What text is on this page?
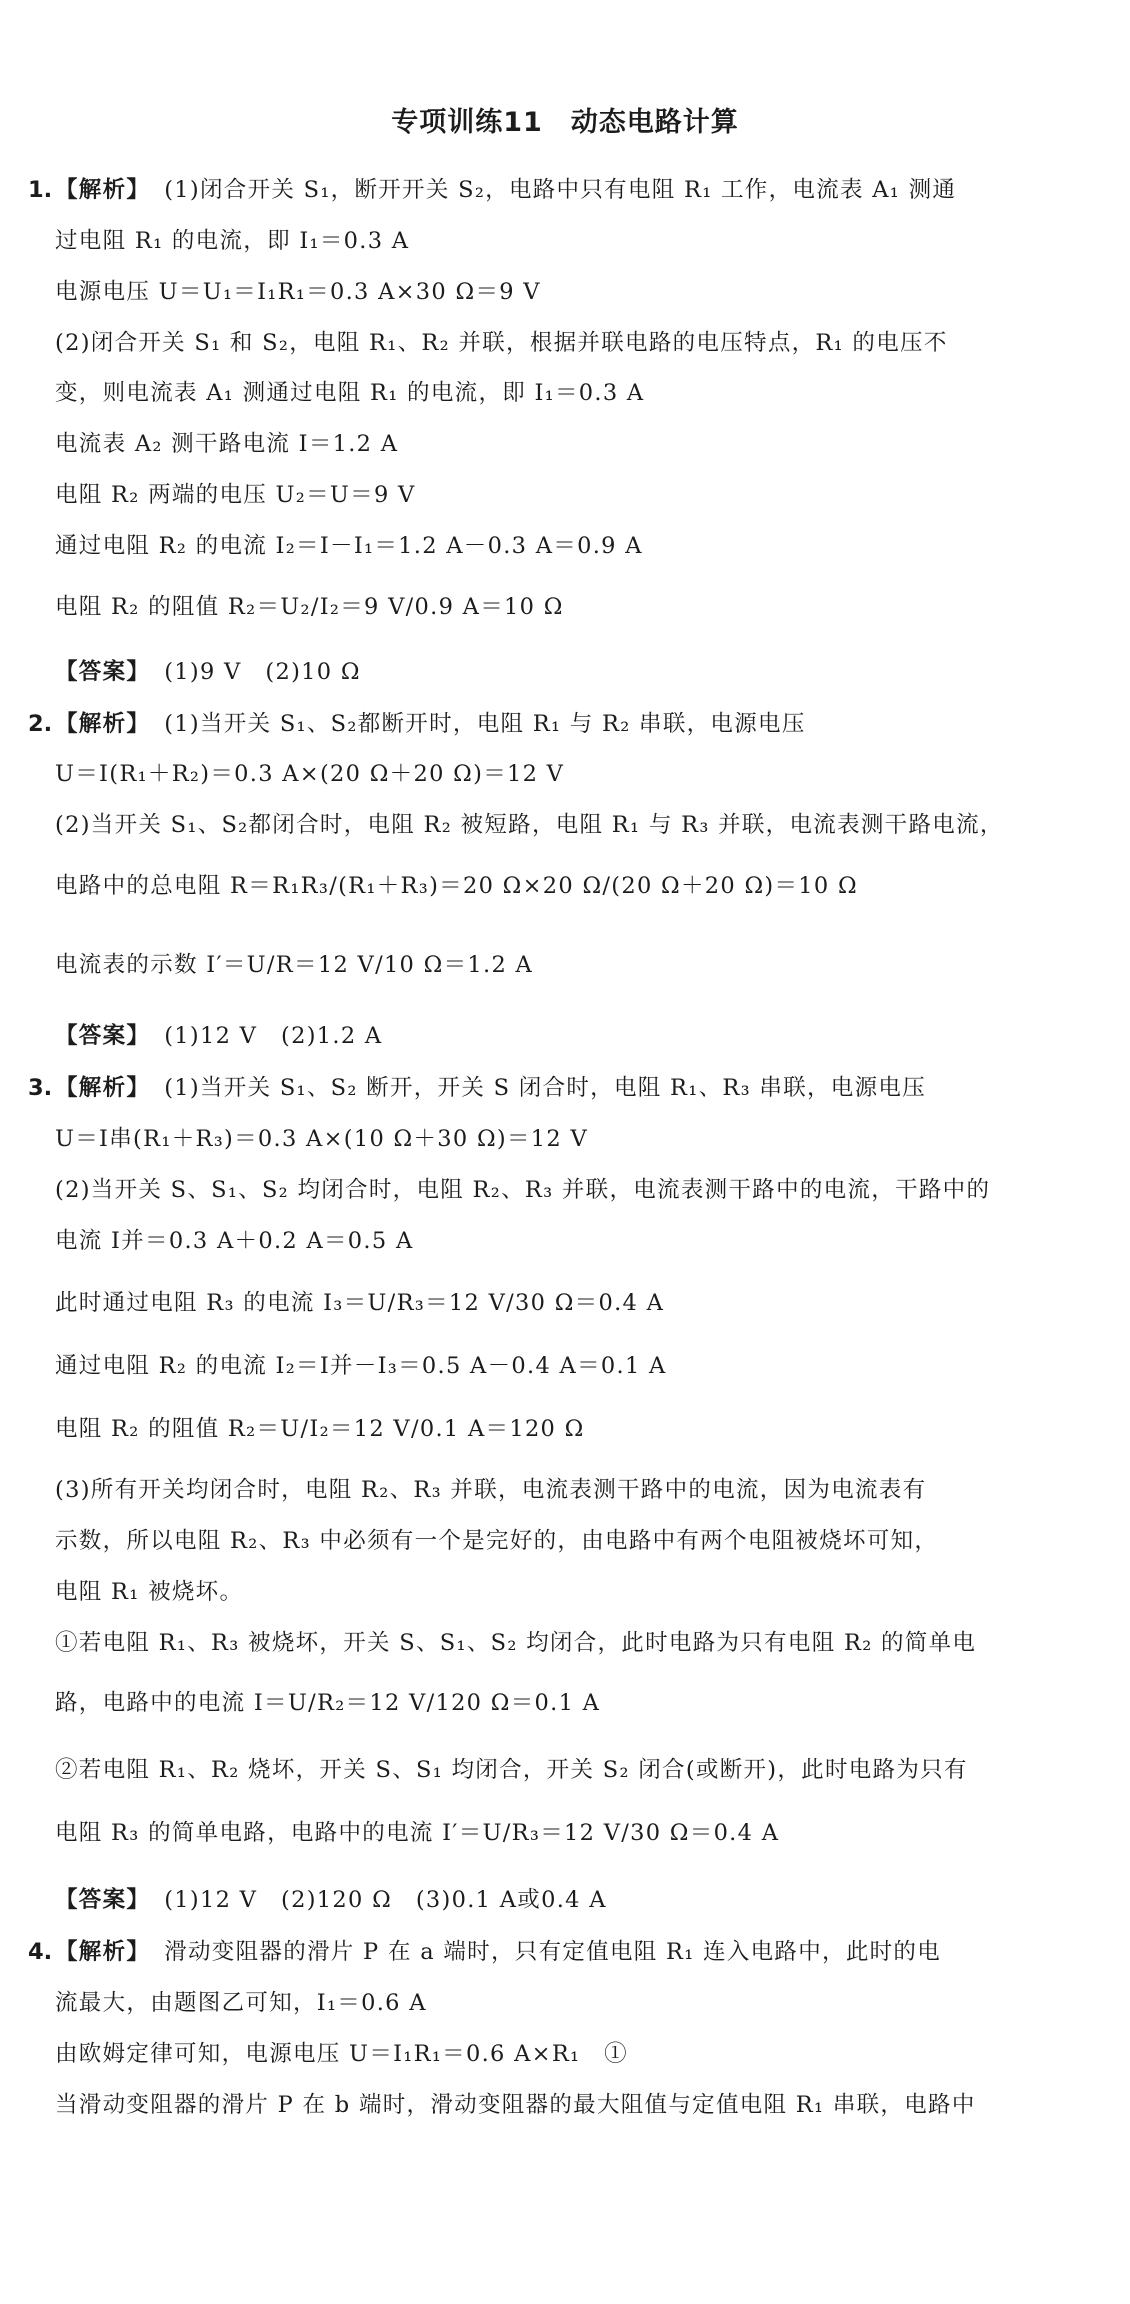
专项训练11　动态电路计算
1. 【解析】 (1)闭合开关 S₁，断开开关 S₂，电路中只有电阻 R₁ 工作，电流表 A₁ 测通
过电阻 R₁ 的电流，即 I₁＝0.3 A
电源电压 U＝U₁＝I₁R₁＝0.3 A×30 Ω＝9 V
(2)闭合开关 S₁ 和 S₂，电阻 R₁、R₂ 并联，根据并联电路的电压特点，R₁ 的电压不
变，则电流表 A₁ 测通过电阻 R₁ 的电流，即 I₁＝0.3 A
电流表 A₂ 测干路电流 I＝1.2 A
电阻 R₂ 两端的电压 U₂＝U＝9 V
通过电阻 R₂ 的电流 I₂＝I－I₁＝1.2 A－0.3 A＝0.9 A
电阻 R₂ 的阻值 R₂＝U₂/I₂＝9 V/0.9 A＝10 Ω
【答案】 (1)9 V　(2)10 Ω
2. 【解析】 (1)当开关 S₁、S₂都断开时，电阻 R₁ 与 R₂ 串联，电源电压
U＝I(R₁＋R₂)＝0.3 A×(20 Ω＋20 Ω)＝12 V
(2)当开关 S₁、S₂都闭合时，电阻 R₂ 被短路，电阻 R₁ 与 R₃ 并联，电流表测干路电流，
电路中的总电阻 R＝R₁R₃/(R₁＋R₃)＝20 Ω×20 Ω/(20 Ω＋20 Ω)＝10 Ω
电流表的示数 I′＝U/R＝12 V/10 Ω＝1.2 A
【答案】 (1)12 V　(2)1.2 A
3. 【解析】 (1)当开关 S₁、S₂ 断开，开关 S 闭合时，电阻 R₁、R₃ 串联，电源电压
U＝I串(R₁＋R₃)＝0.3 A×(10 Ω＋30 Ω)＝12 V
(2)当开关 S、S₁、S₂ 均闭合时，电阻 R₂、R₃ 并联，电流表测干路中的电流，干路中的
电流 I并＝0.3 A＋0.2 A＝0.5 A
此时通过电阻 R₃ 的电流 I₃＝U/R₃＝12 V/30 Ω＝0.4 A
通过电阻 R₂ 的电流 I₂＝I并－I₃＝0.5 A－0.4 A＝0.1 A
电阻 R₂ 的阻值 R₂＝U/I₂＝12 V/0.1 A＝120 Ω
(3)所有开关均闭合时，电阻 R₂、R₃ 并联，电流表测干路中的电流，因为电流表有
示数，所以电阻 R₂、R₃ 中必须有一个是完好的，由电路中有两个电阻被烧坏可知，
电阻 R₁ 被烧坏。
①若电阻 R₁、R₃ 被烧坏，开关 S、S₁、S₂ 均闭合，此时电路为只有电阻 R₂ 的简单电
路，电路中的电流 I＝U/R₂＝12 V/120 Ω＝0.1 A
②若电阻 R₁、R₂ 烧坏，开关 S、S₁ 均闭合，开关 S₂ 闭合(或断开)，此时电路为只有
电阻 R₃ 的简单电路，电路中的电流 I′＝U/R₃＝12 V/30 Ω＝0.4 A
【答案】 (1)12 V　(2)120 Ω　(3)0.1 A或0.4 A
4. 【解析】 滑动变阻器的滑片 P 在 a 端时，只有定值电阻 R₁ 连入电路中，此时的电
流最大，由题图乙可知，I₁＝0.6 A
由欧姆定律可知，电源电压 U＝I₁R₁＝0.6 A×R₁　①
当滑动变阻器的滑片 P 在 b 端时，滑动变阻器的最大阻值与定值电阻 R₁ 串联，电路中
